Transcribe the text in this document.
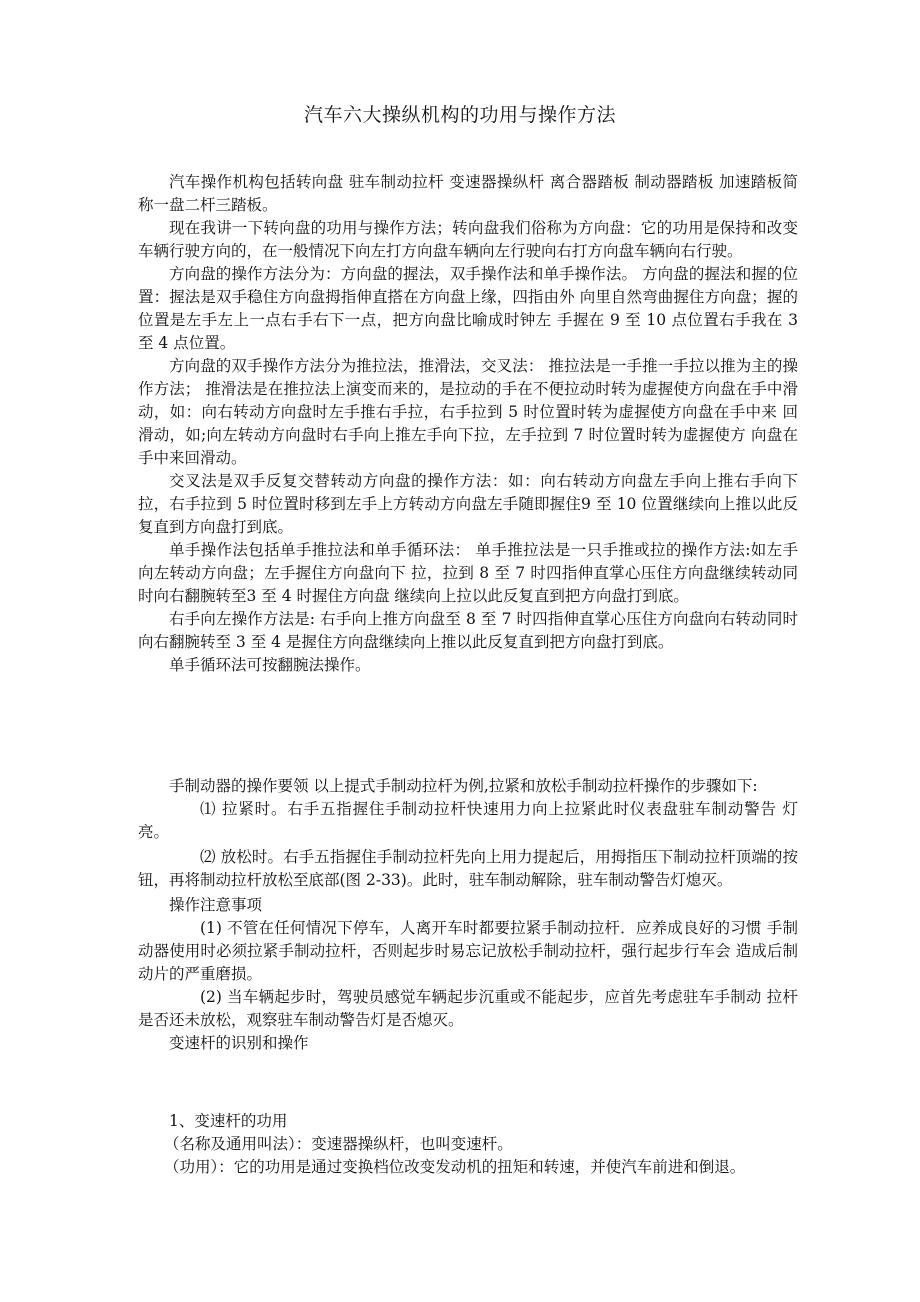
汽车六大操纵机构的功用与操作方法

汽车操作机构包括转向盘 驻车制动拉杆 变速器操纵杆 离合器踏板 制动器踏板 加速踏板简称一盘二杆三踏板。

现在我讲一下转向盘的功用与操作方法；转向盘我们俗称为方向盘：它的功用是保持和改变车辆行驶方向的，在一般情况下向左打方向盘车辆向左行驶向右打方向盘车辆向右行驶。

方向盘的操作方法分为：方向盘的握法，双手操作法和单手操作法。 方向盘的握法和握的位置：握法是双手稳住方向盘拇指伸直搭在方向盘上缘，四指由外 向里自然弯曲握住方向盘；握的位置是左手左上一点右手右下一点，把方向盘比喻成时钟左 手握在 9 至 10 点位置右手我在 3 至 4 点位置。

方向盘的双手操作方法分为推拉法，推滑法，交叉法： 推拉法是一手推一手拉以推为主的操作方法； 推滑法是在推拉法上演变而来的，是拉动的手在不便拉动时转为虚握使方向盘在手中滑 动，如：向右转动方向盘时左手推右手拉，右手拉到 5 时位置时转为虚握使方向盘在手中来 回滑动，如;向左转动方向盘时右手向上推左手向下拉，左手拉到 7 时位置时转为虚握使方 向盘在手中来回滑动。

交叉法是双手反复交替转动方向盘的操作方法：如：向右转动方向盘左手向上推右手向下拉，右手拉到 5 时位置时移到左手上方转动方向盘左手随即握住9 至 10 位置继续向上推以此反复直到方向盘打到底。

单手操作法包括单手推拉法和单手循环法： 单手推拉法是一只手推或拉的操作方法:如左手向左转动方向盘；左手握住方向盘向下 拉，拉到 8 至 7 时四指伸直掌心压住方向盘继续转动同时向右翻腕转至3 至 4 时握住方向盘 继续向上拉以此反复直到把方向盘打到底。

右手向左操作方法是: 右手向上推方向盘至 8 至 7 时四指伸直掌心压住方向盘向右转动同时向右翻腕转至 3 至 4 是握住方向盘继续向上推以此反复直到把方向盘打到底。

单手循环法可按翻腕法操作。

手制动器的操作要领 以上提式手制动拉杆为例,拉紧和放松手制动拉杆操作的步骤如下:

⑴ 拉紧时。右手五指握住手制动拉杆快速用力向上拉紧此时仪表盘驻车制动警告 灯亮。

⑵ 放松时。右手五指握住手制动拉杆先向上用力提起后，用拇指压下制动拉杆顶端的按钮，再将制动拉杆放松至底部(图 2-33)。此时，驻车制动解除，驻车制动警告灯熄灭。

操作注意事项

(1) 不管在任何情况下停车，人离开车时都要拉紧手制动拉杆．应养成良好的习惯 手制动器使用时必须拉紧手制动拉杆，否则起步时易忘记放松手制动拉杆，强行起步行车会 造成后制动片的严重磨损。

(2) 当车辆起步时，驾驶员感觉车辆起步沉重或不能起步，应首先考虑驻车手制动 拉杆是否还未放松，观察驻车制动警告灯是否熄灭。

变速杆的识别和操作

1、变速杆的功用

（名称及通用叫法）：变速器操纵杆，也叫变速杆。

（功用）：它的功用是通过变换档位改变发动机的扭矩和转速，并使汽车前进和倒退。
